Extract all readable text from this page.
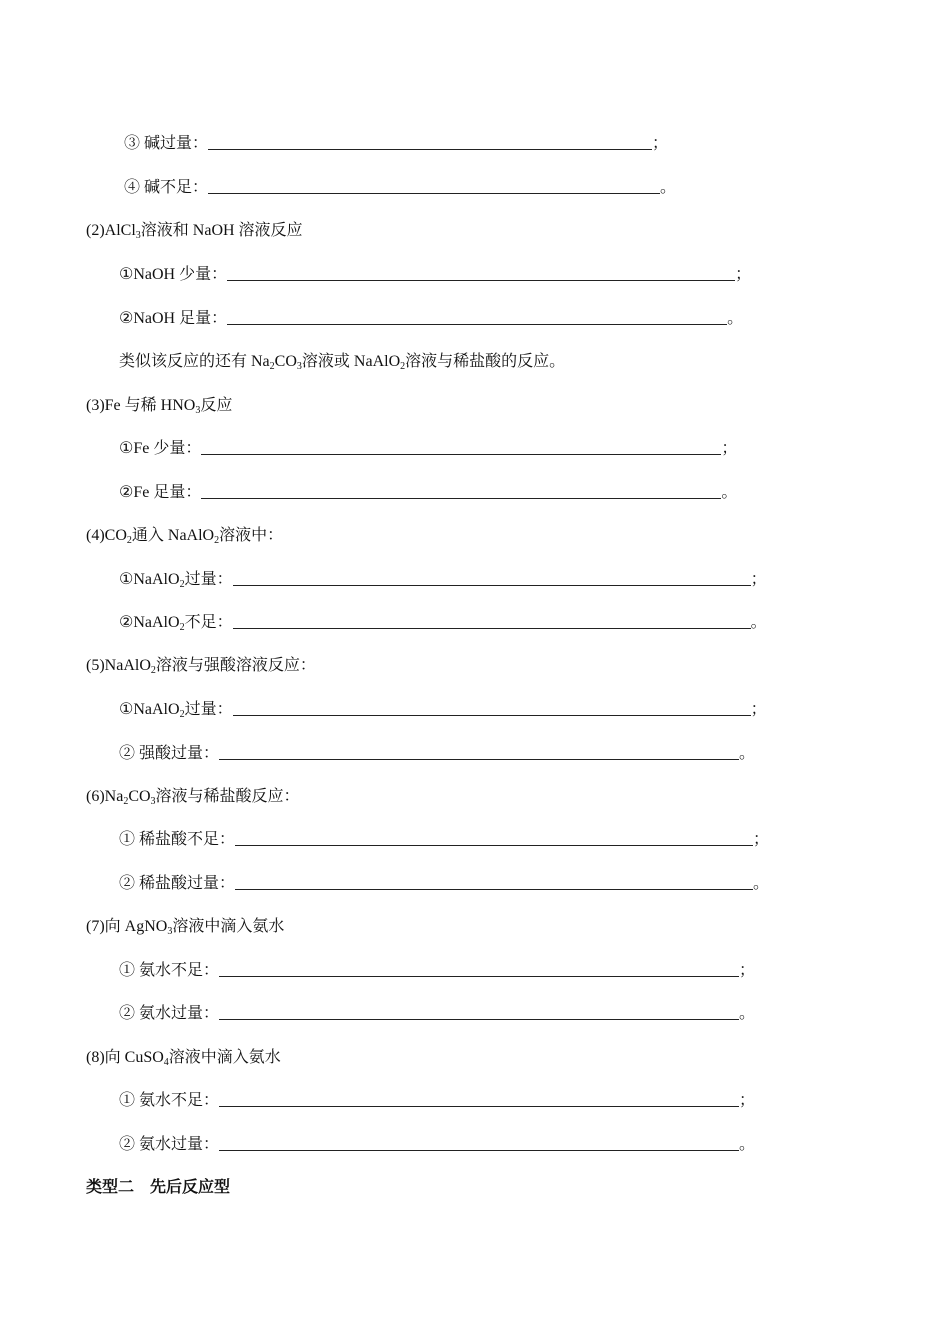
③ 碱过量：	；
④ 碱不足：	。
(2)AlCl$_3$溶液和 NaOH 溶液反应
①NaOH 少量：	；
②NaOH 足量：	。
类似该反应的还有 $Na_2CO_3$溶液或 NaAlO$_2$溶液与稀盐酸的反应。
(3)Fe 与稀 $HNO_3$反应
①Fe 少量：	；
②Fe 足量：	。
$(4)CO_2$通入 NaAlO$_2$溶液中：
①NaAlO$_2$过量：	；
②NaAlO$_2$不足：	。
(5)NaAlO$_2$溶液与强酸溶液反应：
①NaAlO$_2$过量：	；
② 强酸过量：	。
$(6)Na_2CO_3$溶液与稀盐酸反应：
① 稀盐酸不足：	；
② 稀盐酸过量：	。
(7)向 AgNO$_3$溶液中滴入氨水
① 氨水不足：	；
② 氨水过量：	。
(8)向 CuSO$_4$溶液中滴入氨水
① 氨水不足：	；
② 氨水过量：	。
类型二　先后反应型
